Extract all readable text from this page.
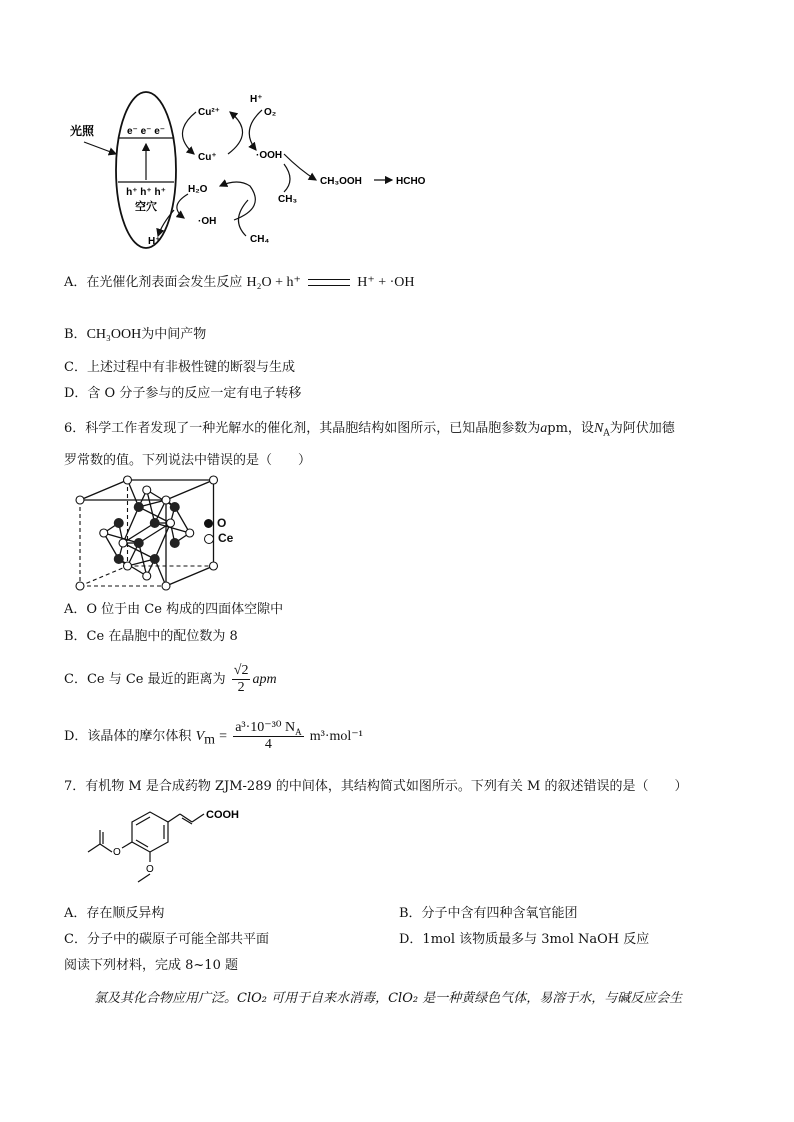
光照	e⁻ e⁻ e⁻
h⁺ h⁺ h⁺
空穴
Cu²⁺
Cu⁺
H⁺
O₂
·OOH
CH₃OOH	HCHO
H₂O
·OH
H⁺
CH₃
CH₄
A．在光催化剂表面会发生反应 H₂O + h⁺	H⁺ + ·OH
B．CH₃OOH为中间产物
C．上述过程中有非极性键的断裂与生成
D．含 O 分子参与的反应一定有电子转移
6．科学工作者发现了一种光解水的催化剂，其晶胞结构如图所示，已知晶胞参数为apm，设$N_A$为阿伏加德
罗常数的值。下列说法中错误的是（　　）
O
Ce
A．O 位于由 Ce 构成的四面体空隙中
B．Ce 在晶胞中的配位数为 8
C．Ce 与 Ce 最近的距离为 $\frac{√2}{2}$ apm
D．该晶体的摩尔体积 $V_m = \frac{a^3\cdot 10^{-30} N_A}{4} m^3\cdot mol^{-1}$
7．有机物 M 是合成药物 ZJM-289 的中间体，其结构简式如图所示。下列有关 M 的叙述错误的是（　　）
COOH
O
O
A．存在顺反异构	B．分子中含有四种含氧官能团
C．分子中的碳原子可能全部共平面	D．1mol 该物质最多与 3mol NaOH 反应
阅读下列材料，完成 8~10 题
氯及其化合物应用广泛。ClO₂ 可用于自来水消毒，ClO₂ 是一种黄绿色气体，易溶于水，与碱反应会生
